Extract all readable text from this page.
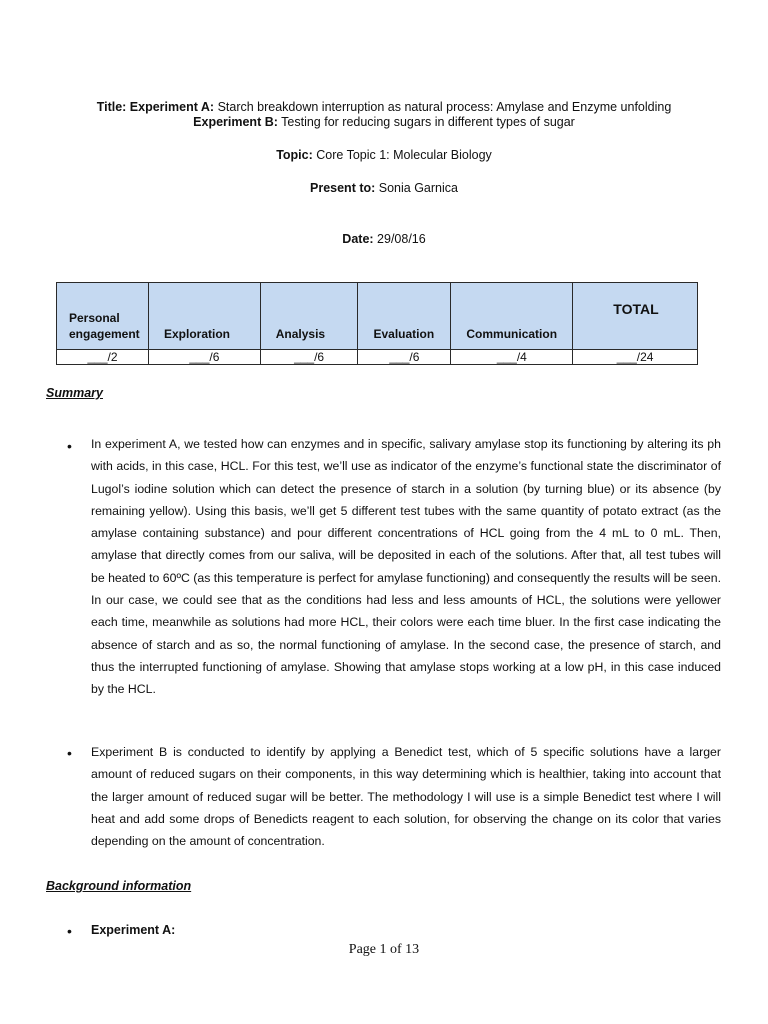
Title: Experiment A: Starch breakdown interruption as natural process: Amylase and Enzyme unfolding
Experiment B: Testing for reducing sugars in different types of sugar
Topic: Core Topic 1: Molecular Biology
Present to: Sonia Garnica
Date: 29/08/16
Personal engagement	Exploration	Analysis	Evaluation	Communication	TOTAL
___/2	___/6	___/6	___/6	___/4	___/24
Summary
• In experiment A, we tested how can enzymes and in specific, salivary amylase stop its functioning by altering its ph with acids, in this case, HCL. For this test, we’ll use as indicator of the enzyme’s functional state the discriminator of Lugol’s iodine solution which can detect the presence of starch in a solution (by turning blue) or its absence (by remaining yellow). Using this basis, we’ll get 5 different test tubes with the same quantity of potato extract (as the amylase containing substance) and pour different concentrations of HCL going from the 4 mL to 0 mL. Then, amylase that directly comes from our saliva, will be deposited in each of the solutions. After that, all test tubes will be heated to 60ºC (as this temperature is perfect for amylase functioning) and consequently the results will be seen. In our case, we could see that as the conditions had less and less amounts of HCL, the solutions were yellower each time, meanwhile as solutions had more HCL, their colors were each time bluer. In the first case indicating the absence of starch and as so, the normal functioning of amylase. In the second case, the presence of starch, and thus the interrupted functioning of amylase. Showing that amylase stops working at a low pH, in this case induced by the HCL.

• Experiment B is conducted to identify by applying a Benedict test, which of 5 specific solutions have a larger amount of reduced sugars on their components, in this way determining which is healthier, taking into account that the larger amount of reduced sugar will be better. The methodology I will use is a simple Benedict test where I will heat and add some drops of Benedicts reagent to each solution, for observing the change on its color that varies depending on the amount of concentration.

Background information
• Experiment A:
Page 1 of 13
